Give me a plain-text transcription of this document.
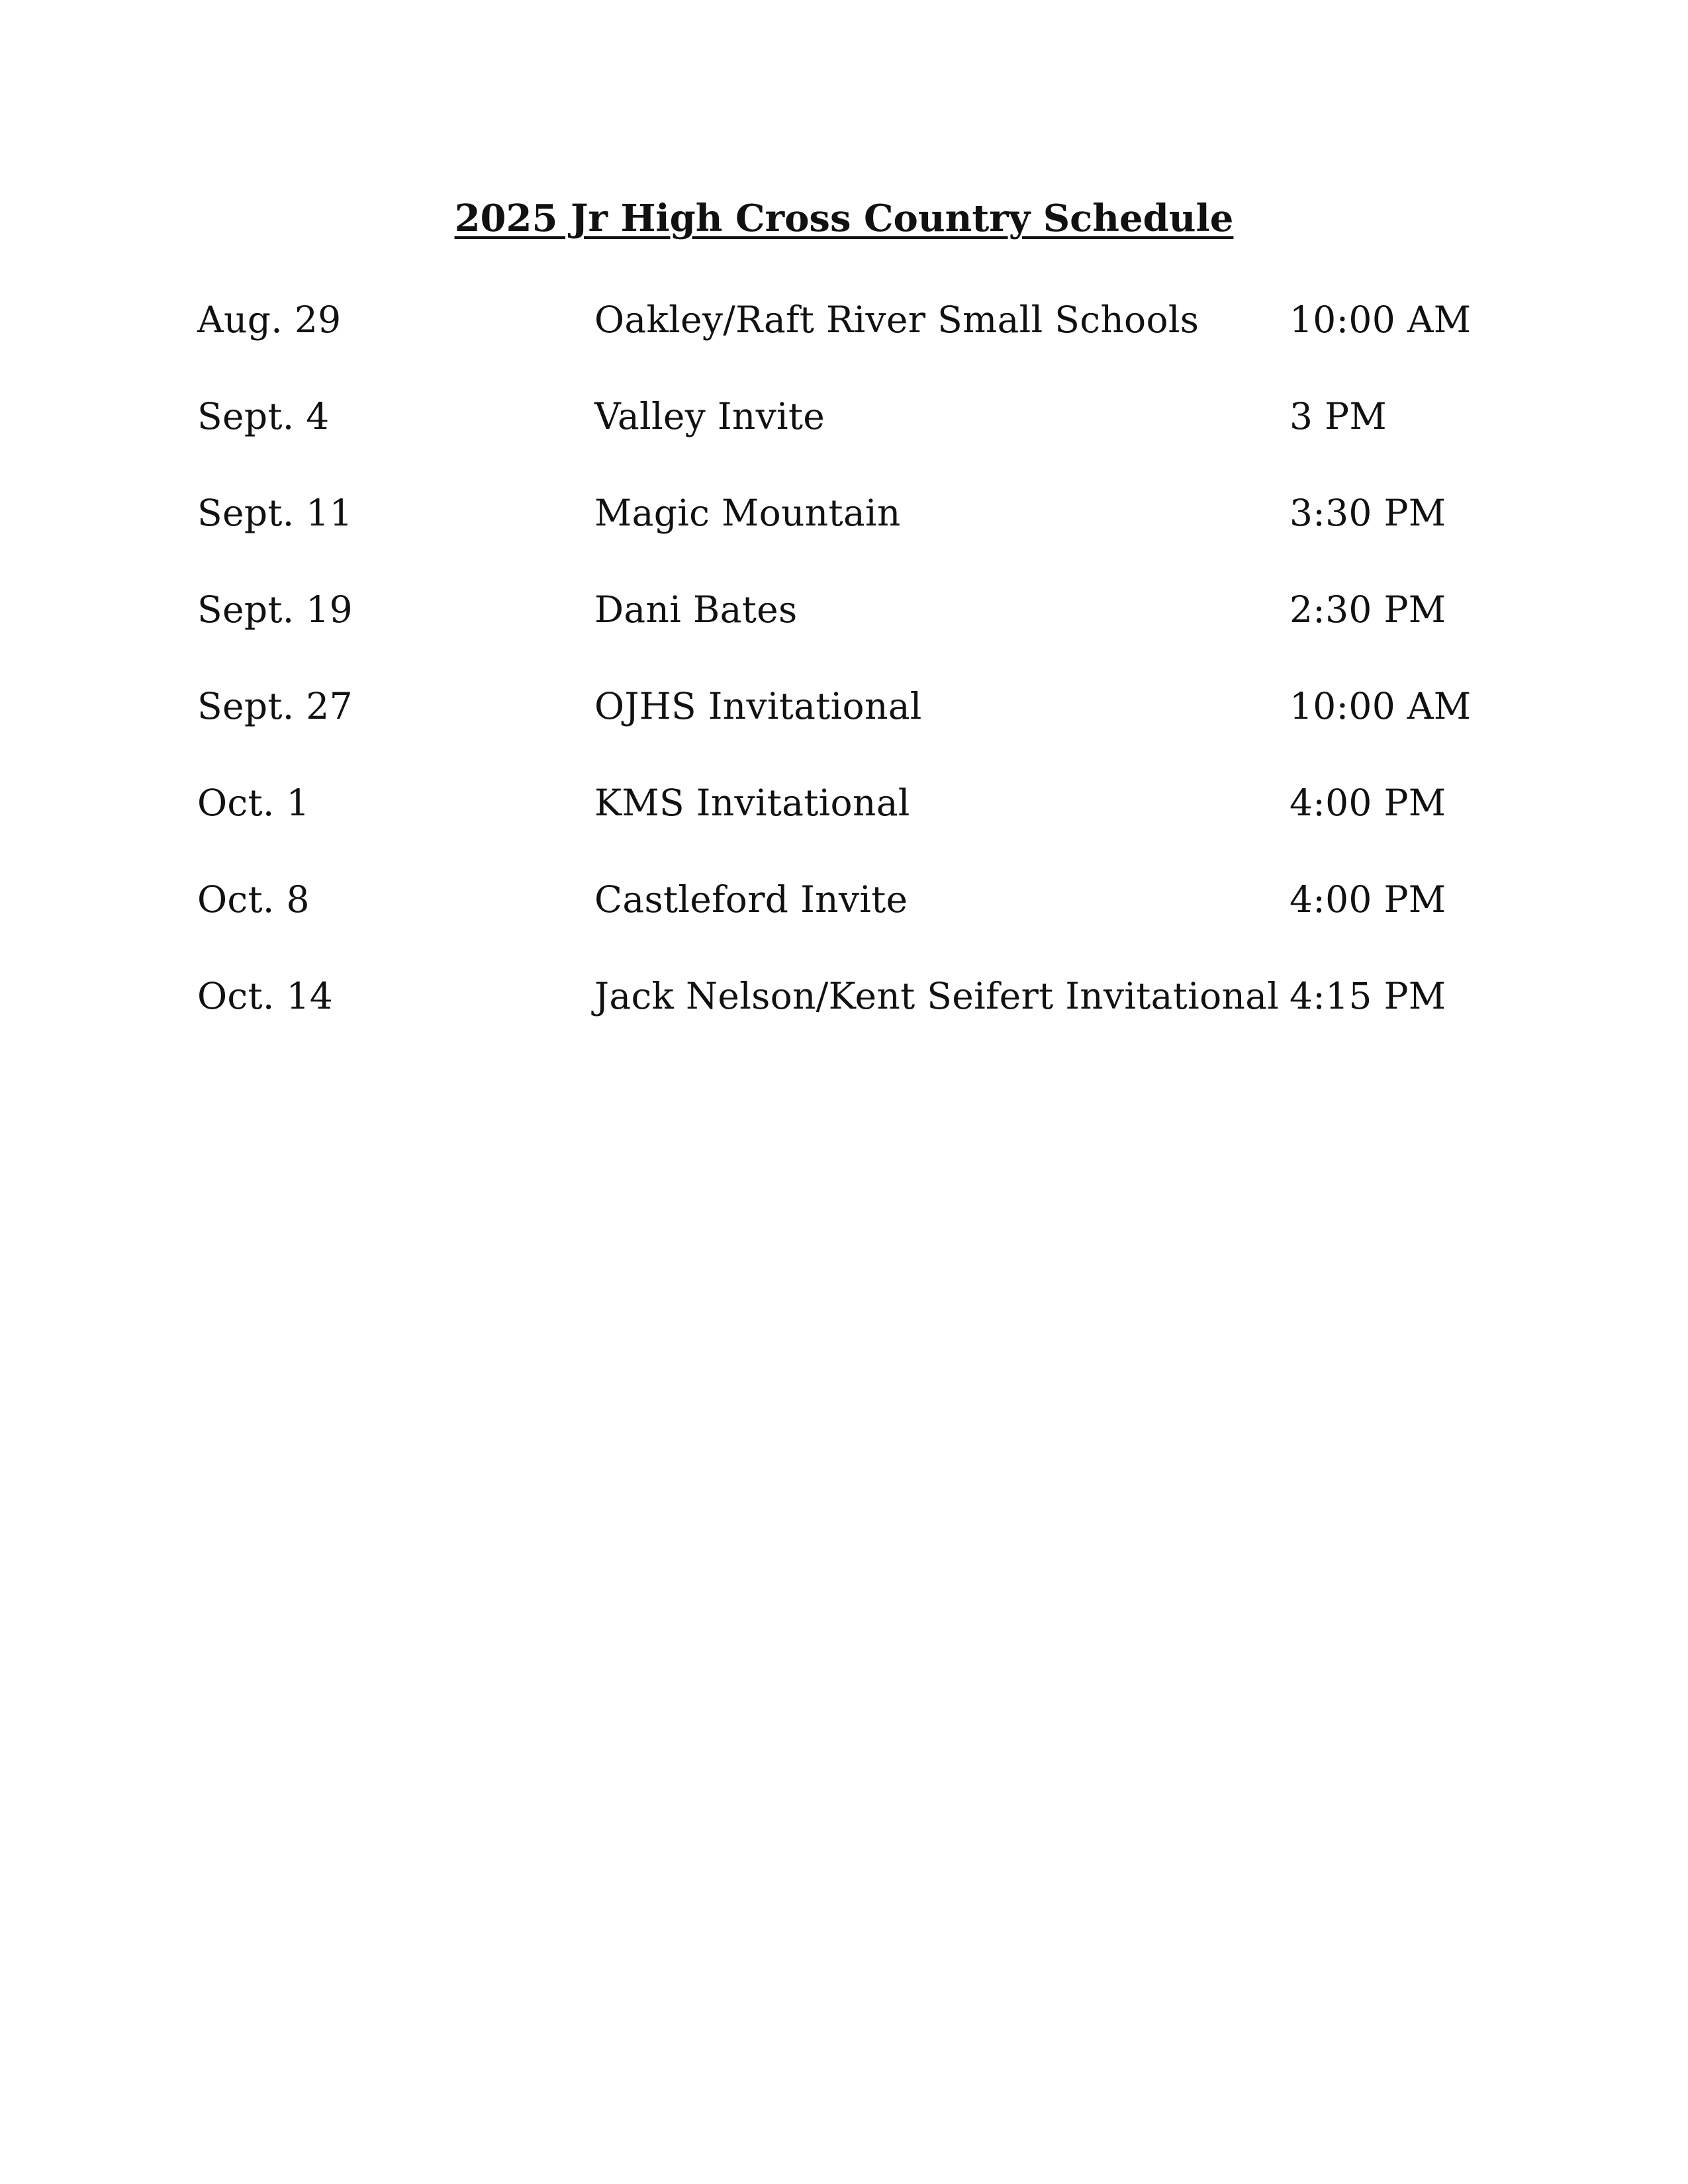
2025 Jr High Cross Country Schedule
Aug. 29	Oakley/Raft River Small Schools 10:00 AM
Sept. 4	Valley Invite	3 PM
Sept. 11	Magic Mountain	3:30 PM
Sept. 19	Dani Bates	2:30 PM
Sept. 27	OJHS Invitational	10:00 AM
Oct. 1	KMS Invitational	4:00 PM
Oct. 8	Castleford Invite	4:00 PM
Oct. 14	Jack Nelson/Kent Seifert Invitational 4:15 PM
